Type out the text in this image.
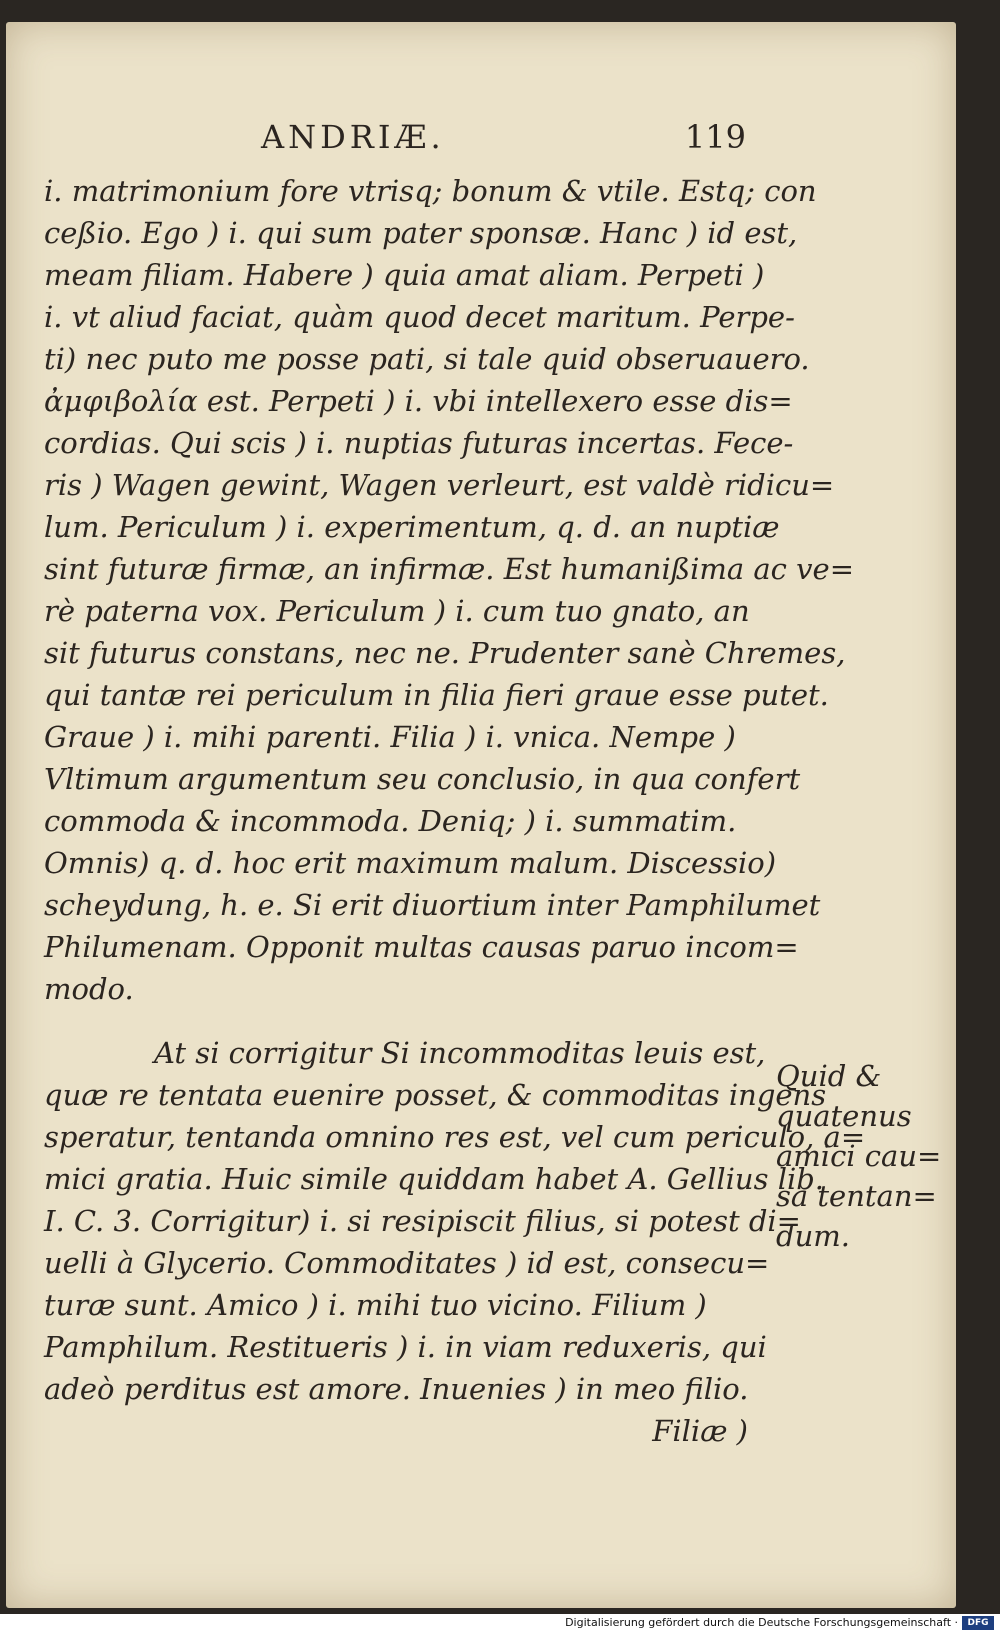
ANDRIÆ.	119
i. matrimonium fore vtrisq; bonum & vtile. Estq; con
ceßio. Ego ) i. qui sum pater sponsæ. Hanc ) id est,
meam filiam. Habere ) quia amat aliam. Perpeti )
i. vt aliud faciat, quàm quod decet maritum. Perpe-
ti) nec puto me posse pati, si tale quid obseruauero.
ἀμφιβολία est. Perpeti ) i. vbi intellexero esse dis=
cordias. Qui scis ) i. nuptias futuras incertas. Fece-
ris ) Wagen gewint, Wagen verleurt, est valdè ridicu=
lum. Periculum ) i. experimentum, q. d. an nuptiæ
sint futuræ firmæ, an infirmæ. Est humanißima ac ve=
rè paterna vox. Periculum ) i. cum tuo gnato, an
sit futurus constans, nec ne. Prudenter sanè Chremes,
qui tantæ rei periculum in filia fieri graue esse putet.
Graue ) i. mihi parenti. Filia ) i. vnica. Nempe )
Vltimum argumentum seu conclusio, in qua confert
commoda & incommoda. Deniq; ) i. summatim.
Omnis) q. d. hoc erit maximum malum. Discessio)
scheydung, h. e. Si erit diuortium inter Pamphilumet
Philumenam. Opponit multas causas paruo incom=
modo.
At si corrigitur Si incommoditas leuis est,
quæ re tentata euenire posset, & commoditas ingens
speratur, tentanda omnino res est, vel cum periculo, a=
mici gratia. Huic simile quiddam habet A. Gellius lib.
I. C. 3. Corrigitur) i. si resipiscit filius, si potest di=
uelli à Glycerio. Commoditates ) id est, consecu=
turæ sunt. Amico ) i. mihi tuo vicino. Filium )
Pamphilum. Restitueris ) i. in viam reduxeris, qui
adeò perditus est amore. Inuenies ) in meo filio.
Filiæ )
Quid &
quatenus
amici cau=
sa tentan=
dum.
Digitalisierung gefördert durch die Deutsche Forschungsgemeinschaft ·	DFG
